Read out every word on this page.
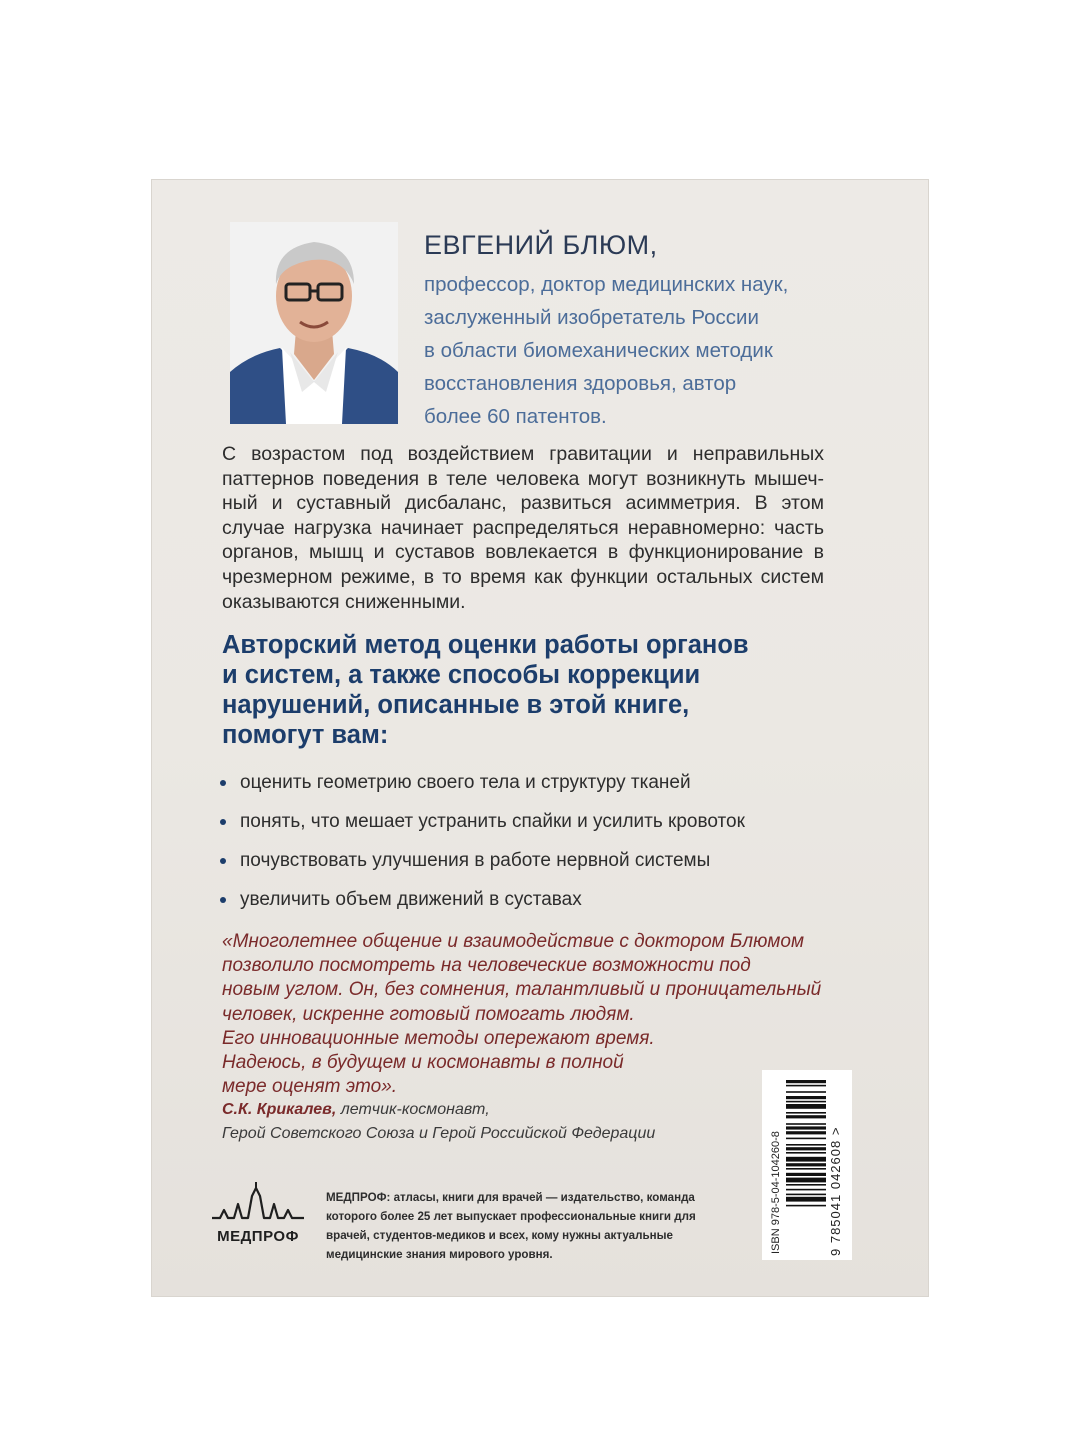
ЕВГЕНИЙ БЛЮМ,
профессор, доктор медицинских наук,
заслуженный изобретатель России
в области биомеханических методик
восстановления здоровья, автор
более 60 патентов.
С возрастом под воздействием гравитации и неправильных паттернов поведения в теле человека могут возникнуть мышеч-ный и суставный дисбаланс, развиться асимметрия. В этом случае нагрузка начинает распределяться неравномерно: часть органов, мышц и суставов вовлекается в функционирование в чрезмерном режиме, в то время как функции остальных систем оказываются сниженными.
Авторский метод оценки работы органов
и систем, а также способы коррекции
нарушений, описанные в этой книге,
помогут вам:
оценить геометрию своего тела и структуру тканей
понять, что мешает устранить спайки и усилить кровоток
почувствовать улучшения в работе нервной системы
увеличить объем движений в суставах
«Многолетнее общение и взаимодействие с доктором Блюмом
позволило посмотреть на человеческие возможности под
новым углом. Он, без сомнения, талантливый и проницательный
человек, искренне готовый помогать людям.
Его инновационные методы опережают время.
Надеюсь, в будущем и космонавты в полной
мере оценят это».
С.К. Крикалев, летчик-космонавт,
Герой Советского Союза и Герой Российской Федерации
МЕДПРОФ
МЕДПРОФ: атласы, книги для врачей — издательство, команда которого более 25 лет выпускает профессиональные книги для врачей, студентов-медиков и всех, кому нужны актуальные медицинские знания мирового уровня.
ISBN 978-5-04-104260-8	9 785041 042608 >
